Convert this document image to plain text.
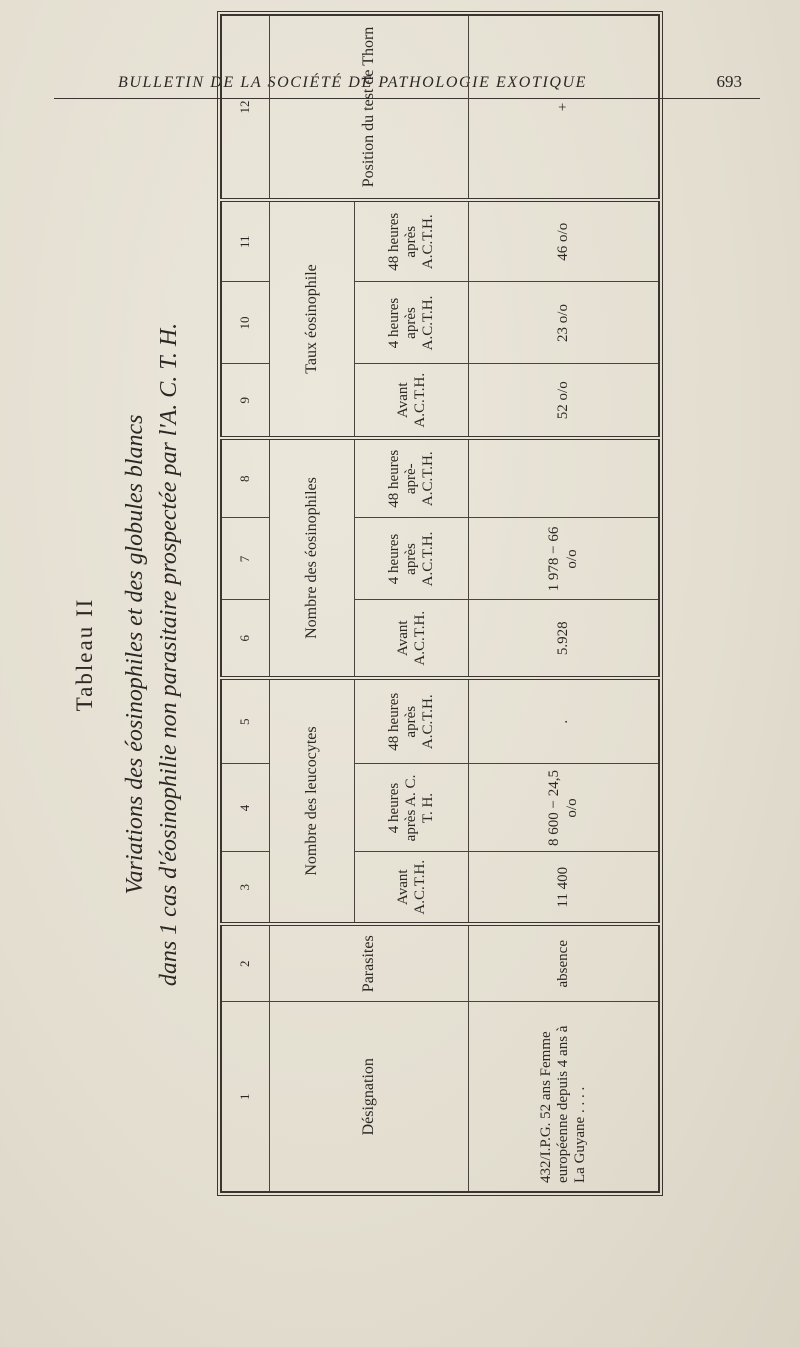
BULLETIN DE LA SOCIÉTÉ DE PATHOLOGIE EXOTIQUE	693
Tableau II Variations des éosinophiles et des globules blancs dans 1 cas d'éosinophilie non parasitaire prospectée par l'A. C. T. H.
1	2	3	4	5	6	7	8	9	10	11	12
Désignation	Parasites	Nombre des leucocytes			Nombre des éosinophiles			Taux éosinophile			Position du test de Thorn
		Avant A.C.T.H.	4 heures après A. C. T. H.	48 heures après A.C.T.H.	Avant A.C.T.H.	4 heures après A.C.T.H.	48 heures aprè- A.C.T.H.	Avant A.C.T.H.	4 heures après A.C.T.H.	48 heures après A.C.T.H.	
432/I.P.G. 52 ans Femme européenne depuis 4 ans à La Guyane . . . .	absence	11 400	8 600 − 24,5 o/o	.	5.928	1 978 − 66 o/o		52 o/o	23 o/o	46 o/o	+
